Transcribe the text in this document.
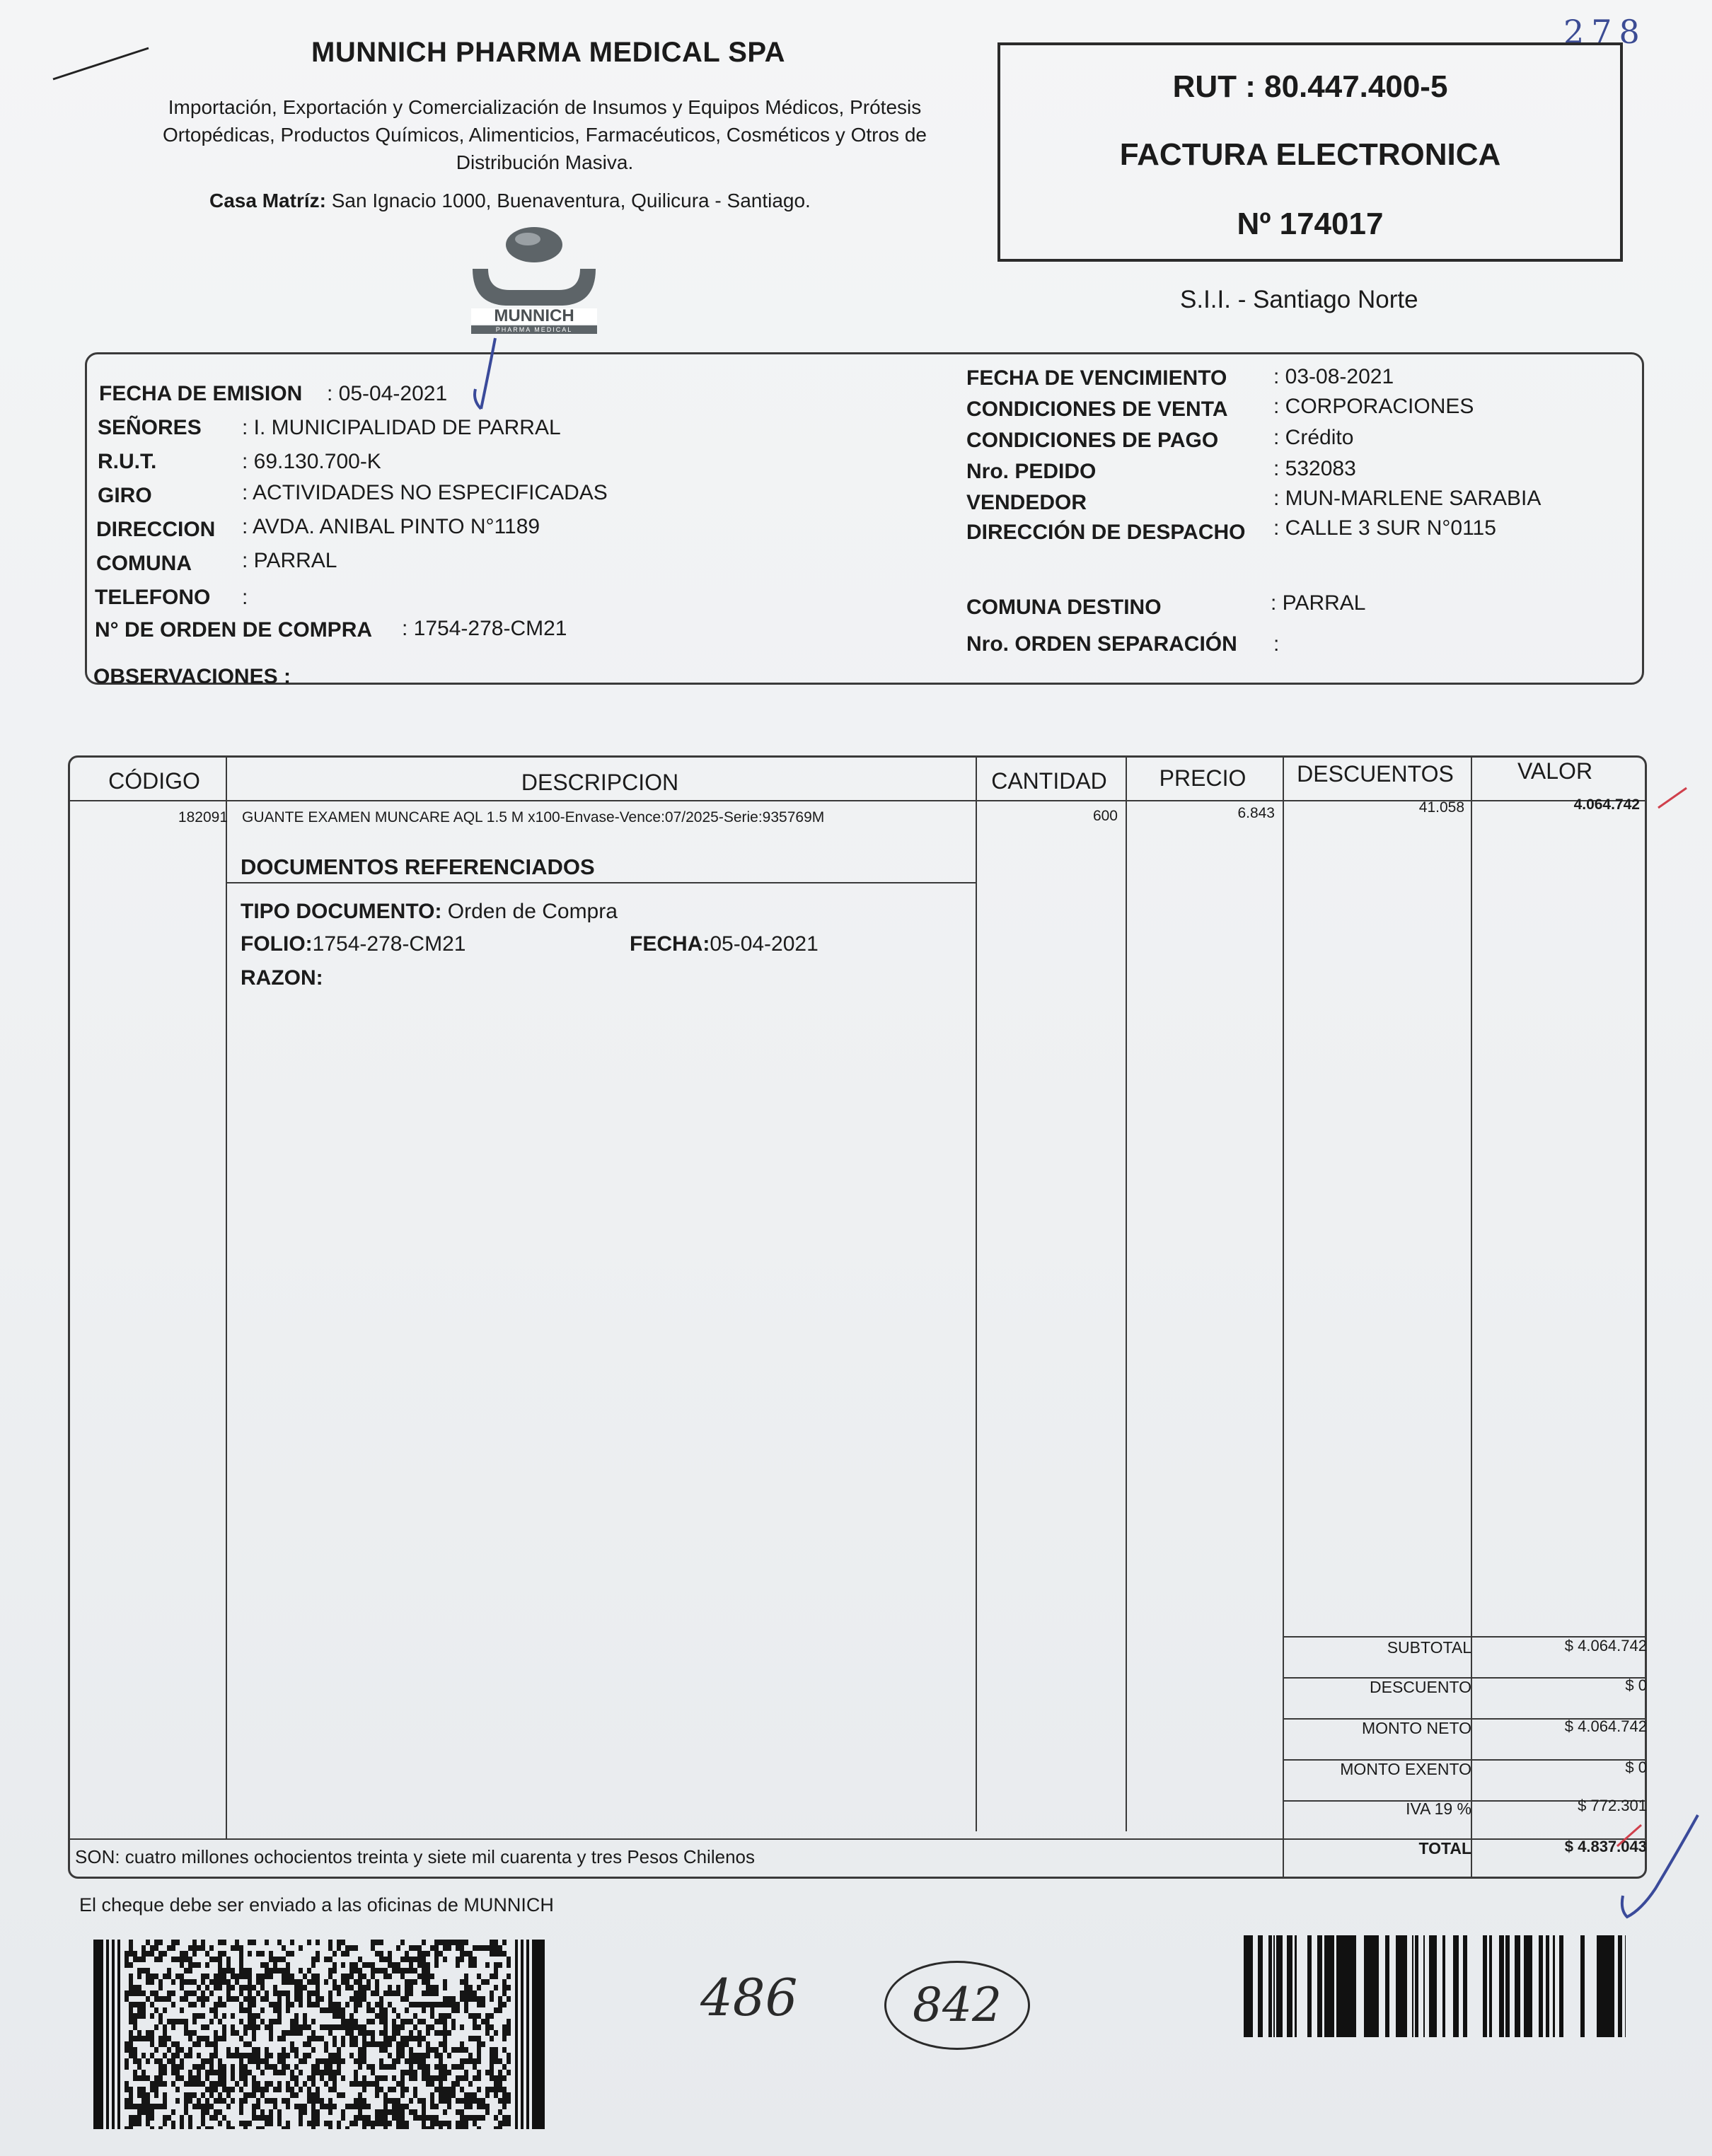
278
MUNNICH PHARMA MEDICAL SPA
Importación, Exportación y Comercialización de Insumos y Equipos Médicos, Prótesis Ortopédicas, Productos Químicos, Alimenticios, Farmacéuticos, Cosméticos y Otros de Distribución Masiva.
Casa Matríz: San Ignacio 1000, Buenaventura, Quilicura - Santiago.
MUNNICH
PHARMA MEDICAL
RUT : 80.447.400-5
FACTURA ELECTRONICA
Nº 174017
S.I.I. - Santiago Norte
FECHA DE EMISION : 05-04-2021
SEÑORES : I. MUNICIPALIDAD DE PARRAL
R.U.T.	: 69.130.700-K
GIRO	: ACTIVIDADES NO ESPECIFICADAS
DIRECCION : AVDA. ANIBAL PINTO N°1189
COMUNA : PARRAL
TELEFONO :
N° DE ORDEN DE COMPRA : 1754-278-CM21
OBSERVACIONES :
FECHA DE VENCIMIENTO : 03-08-2021
CONDICIONES DE VENTA : CORPORACIONES
CONDICIONES DE PAGO	: Crédito
Nro. PEDIDO	: 532083
VENDEDOR	: MUN-MARLENE SARABIA
DIRECCIÓN DE DESPACHO : CALLE 3 SUR N°0115
COMUNA DESTINO	: PARRAL
Nro. ORDEN SEPARACIÓN :
CÓDIGO	DESCRIPCION	CANTIDAD	PRECIO	DESCUENTOS	VALOR
182091 GUANTE EXAMEN MUNCARE AQL 1.5 M x100-Envase-Vence:07/2025-Serie:935769M	600	6.843	41.058	4.064.742
DOCUMENTOS REFERENCIADOS
TIPO DOCUMENTO: Orden de Compra
FOLIO:1754-278-CM21	FECHA:05-04-2021
RAZON:
SUBTOTAL	$ 4.064.742
DESCUENTO	$ 0
MONTO NETO	$ 4.064.742
MONTO EXENTO	$ 0
IVA 19 %	$ 772.301
TOTAL	$ 4.837.043
SON: cuatro millones ochocientos treinta y siete mil cuarenta y tres Pesos Chilenos
El cheque debe ser enviado a las oficinas de MUNNICH
486	842
